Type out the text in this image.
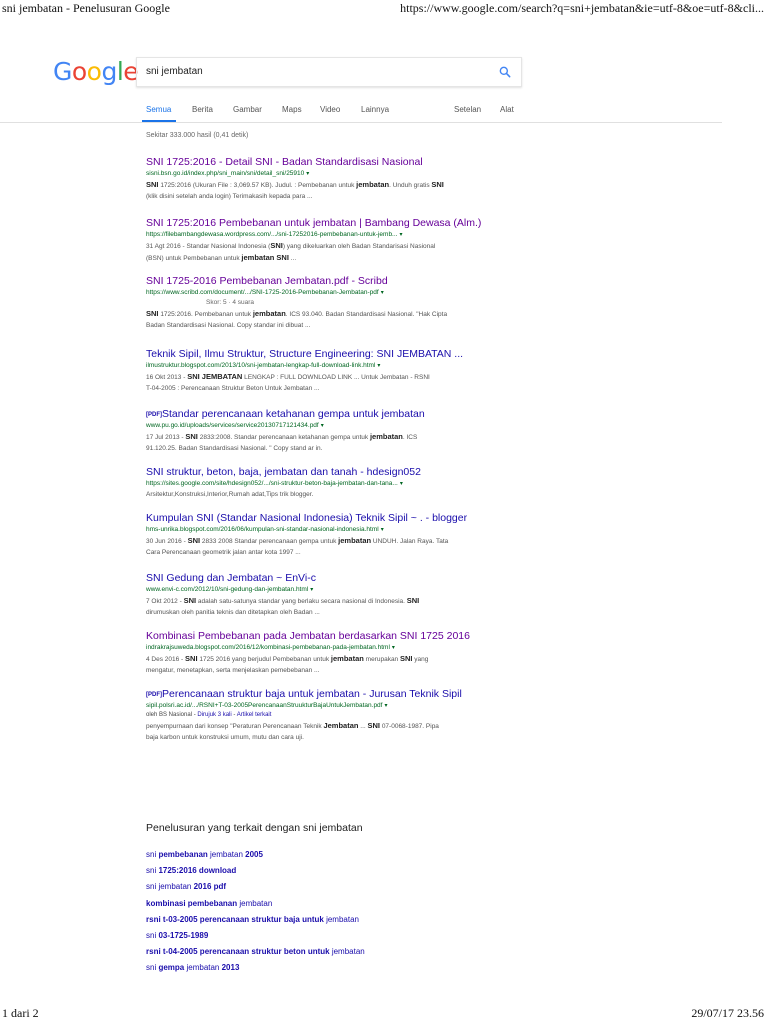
sni jembatan - Penelusuran Google	https://www.google.com/search?q=sni+jembatan&ie=utf-8&oe=utf-8&cli...
Google
sni jembatan
Semua	Berita	Gambar	Maps Video	Lainnya	Setelan Alat
Sekitar 333.000 hasil (0,41 detik)
SNI 1725:2016 - Detail SNI - Badan Standardisasi Nasional
sisni.bsn.go.id/index.php/sni_main/sni/detail_sni/25910 ▾
SNI 1725:2016 (Ukuran File : 3,069.57 KB). Judul. : Pembebanan untuk jembatan. Unduh gratis SNI
(klik disini setelah anda login) Terimakasih kepada para ...
SNI 1725:2016 Pembebanan untuk jembatan | Bambang Dewasa (Alm.)
https://filebambangdewasa.wordpress.com/.../sni-17252016-pembebanan-untuk-jemb... ▾
31 Agt 2016 - Standar Nasional Indonesia (SNI) yang dikeluarkan oleh Badan Standarisasi Nasional
(BSN) untuk Pembebanan untuk jembatan SNI ...
SNI 1725-2016 Pembebanan Jembatan.pdf - Scribd
https://www.scribd.com/document/.../SNI-1725-2016-Pembebanan-Jembatan-pdf ▾
Skor: 5 · 4 suara
SNI 1725:2016. Pembebanan untuk jembatan. ICS 93.040. Badan Standardisasi Nasional. "Hak Cipta
Badan Standardisasi Nasional. Copy standar ini dibuat ...
Teknik Sipil, Ilmu Struktur, Structure Engineering: SNI JEMBATAN ...
ilmustruktur.blogspot.com/2013/10/sni-jembatan-lengkap-full-download-link.html ▾
16 Okt 2013 - SNI JEMBATAN LENGKAP : FULL DOWNLOAD LINK ... Untuk Jembatan - RSNI
T-04-2005 : Perencanaan Struktur Beton Untuk Jembatan ...
[PDF]Standar perencanaan ketahanan gempa untuk jembatan
www.pu.go.id/uploads/services/service20130717121434.pdf ▾
17 Jul 2013 - SNI 2833:2008. Standar perencanaan ketahanan gempa untuk jembatan. ICS
91.120.25. Badan Standardisasi Nasional. " Copy stand ar in.
SNI struktur, beton, baja, jembatan dan tanah - hdesign052
https://sites.google.com/site/hdesign052/.../sni-struktur-beton-baja-jembatan-dan-tana... ▾
Arsitektur,Konstruksi,Interior,Rumah adat,Tips trik blogger.
Kumpulan SNI (Standar Nasional Indonesia) Teknik Sipil ~ . - blogger
hms-unrika.blogspot.com/2016/06/kumpulan-sni-standar-nasional-indonesia.html ▾
30 Jun 2016 - SNI 2833 2008 Standar perencanaan gempa untuk jembatan UNDUH. Jalan Raya. Tata
Cara Perencanaan geometrik jalan antar kota 1997 ...
SNI Gedung dan Jembatan ~ EnVi-c
www.envi-c.com/2012/10/sni-gedung-dan-jembatan.html ▾
7 Okt 2012 - SNI adalah satu-satunya standar yang berlaku secara nasional di Indonesia. SNI
dirumuskan oleh panitia teknis dan ditetapkan oleh Badan ...
Kombinasi Pembebanan pada Jembatan berdasarkan SNI 1725 2016
indrakrajsuweda.blogspot.com/2016/12/kombinasi-pembebanan-pada-jembatan.html ▾
4 Des 2016 - SNI 1725 2016 yang berjudul Pembebanan untuk jembatan merupakan SNI yang
mengatur, menetapkan, serta menjelaskan pemebebanan ...
[PDF]Perencanaan struktur baja untuk jembatan - Jurusan Teknik Sipil
sipil.polsri.ac.id/.../RSNI+T-03-2005PerencanaanStruukturBajaUntukJembatan.pdf ▾
oleh BS Nasional - Dirujuk 3 kali - Artikel terkait
penyempurnaan dari konsep "Peraturan Perencanaan Teknik Jembatan ... SNI 07-0068-1987. Pipa
baja karbon untuk konstruksi umum, mutu dan cara uji.
Penelusuran yang terkait dengan sni jembatan
sni pembebanan jembatan 2005
sni 1725:2016 download
sni jembatan 2016 pdf
kombinasi pembebanan jembatan
rsni t-03-2005 perencanaan struktur baja untuk jembatan
sni 03-1725-1989
rsni t-04-2005 perencanaan struktur beton untuk jembatan
sni gempa jembatan 2013
1 dari 2	29/07/17 23.56
